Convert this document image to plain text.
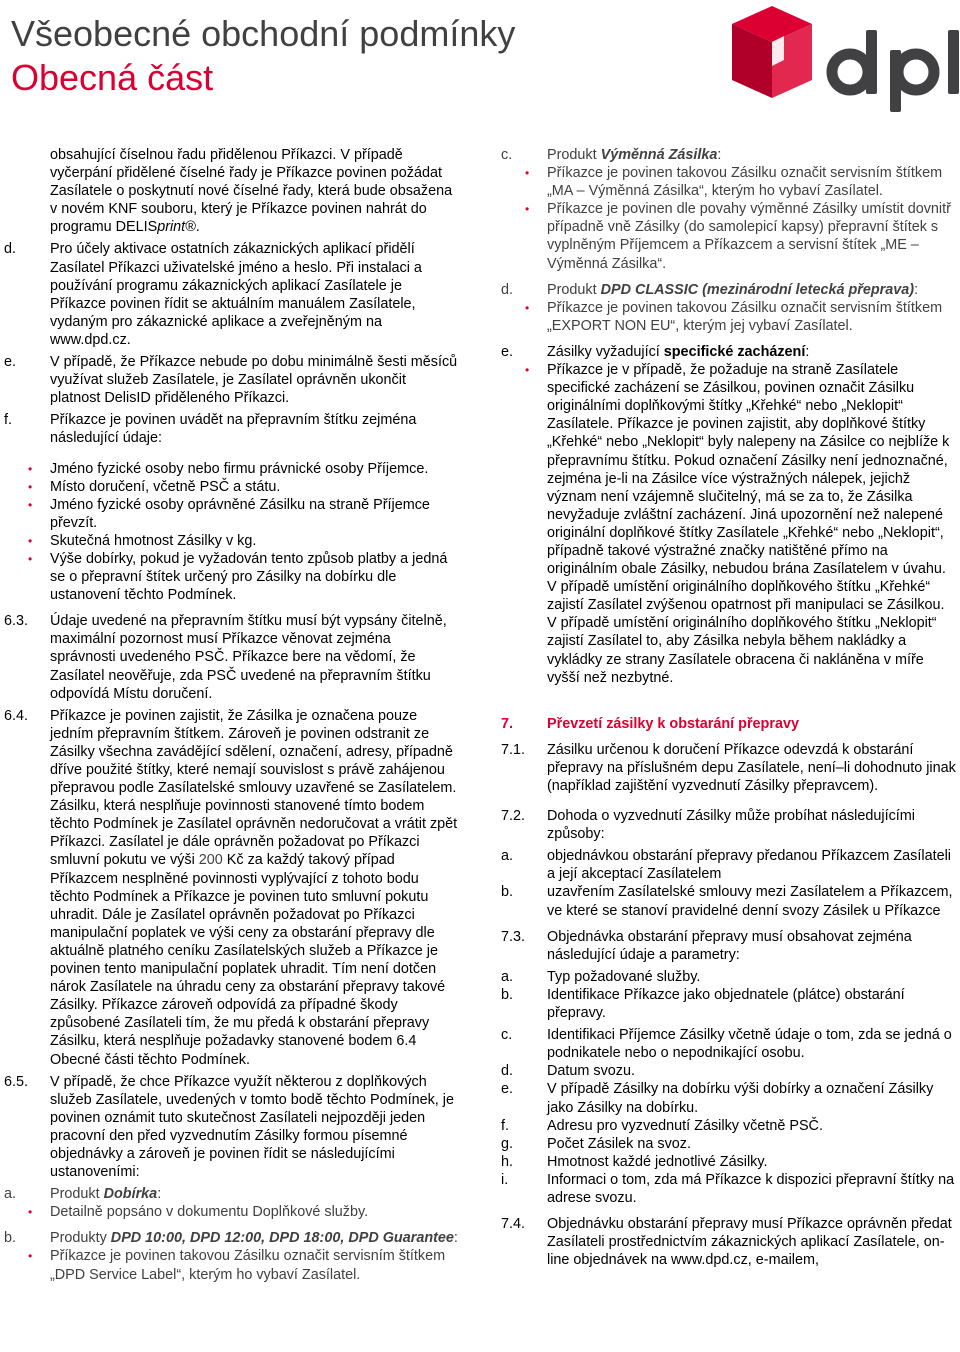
Všeobecné obchodní podmínky
Obecná část
obsahující číselnou řadu přidělenou Příkazci. V případě vyčerpání přidělené číselné řady je Příkazce povinen požádat Zasílatele o poskytnutí nové číselné řady, která bude obsažena v novém KNF souboru, který je Příkazce povinen nahrát do programu DELISprint®.
d. Pro účely aktivace ostatních zákaznických aplikací přidělí Zasílatel Příkazci uživatelské jméno a heslo. Při instalaci a používání programu zákaznických aplikací Zasílatele je Příkazce povinen řídit se aktuálním manuálem Zasílatele, vydaným pro zákaznické aplikace a zveřejněným na www.dpd.cz.
e. V případě, že Příkazce nebude po dobu minimálně šesti měsíců využívat služeb Zasílatele, je Zasílatel oprávněn ukončit platnost DelisID přiděleného Příkazci.
f.	Příkazce je povinen uvádět na přepravním štítku zejména následující údaje:
• Jméno fyzické osoby nebo firmu právnické osoby Příjemce.
• Místo doručení, včetně PSČ a státu.
• Jméno fyzické osoby oprávněné Zásilku na straně Příjemce převzít.
• Skutečná hmotnost Zásilky v kg.
• Výše dobírky, pokud je vyžadován tento způsob platby a jedná se o přepravní štítek určený pro Zásilky na dobírku dle ustanovení těchto Podmínek.
6.3. Údaje uvedené na přepravním štítku musí být vypsány čitelně, maximální pozornost musí Příkazce věnovat zejména správnosti uvedeného PSČ. Příkazce bere na vědomí, že Zasílatel neověřuje, zda PSČ uvedené na přepravním štítku odpovídá Místu doručení.
6.4. Příkazce je povinen zajistit, že Zásilka je označena pouze jedním přepravním štítkem. Zároveň je povinen odstranit ze Zásilky všechna zavádějící sdělení, označení, adresy, případně dříve použité štítky, které nemají souvislost s právě zahájenou přepravou podle Zasílatelské smlouvy uzavřené se Zasílatelem. Zásilku, která nesplňuje povinnosti stanovené tímto bodem těchto Podmínek je Zasílatel oprávněn nedoručovat a vrátit zpět Příkazci. Zasílatel je dále oprávněn požadovat po Příkazci smluvní pokutu ve výši 200 Kč za každý takový případ Příkazcem nesplněné povinnosti vyplývající z tohoto bodu těchto Podmínek a Příkazce je povinen tuto smluvní pokutu uhradit. Dále je Zasílatel oprávněn požadovat po Příkazci manipulační poplatek ve výši ceny za obstarání přepravy dle aktuálně platného ceníku Zasílatelských služeb a Příkazce je povinen tento manipulační poplatek uhradit. Tím není dotčen nárok Zasílatele na úhradu ceny za obstarání přepravy takové Zásilky. Příkazce zároveň odpovídá za případné škody způsobené Zasílateli tím, že mu předá k obstarání přepravy Zásilku, která nesplňuje požadavky stanovené bodem 6.4 Obecné části těchto Podmínek.
6.5. V případě, že chce Příkazce využít některou z doplňkových služeb Zasílatele, uvedených v tomto bodě těchto Podmínek, je povinen oznámit tuto skutečnost Zasílateli nejpozději jeden pracovní den před vyzvednutím Zásilky formou písemné objednávky a zároveň je povinen řídit se následujícími ustanoveními:
a. Produkt Dobírka:
• Detailně popsáno v dokumentu Doplňkové služby.
b. Produkty DPD 10:00, DPD 12:00, DPD 18:00, DPD Guarantee:
• Příkazce je povinen takovou Zásilku označit servisním štítkem „DPD Service Label“, kterým ho vybaví Zasílatel.
c. Produkt Výměnná Zásilka:
• Příkazce je povinen takovou Zásilku označit servisním štítkem „MA – Výměnná Zásilka“, kterým ho vybaví Zasílatel.
• Příkazce je povinen dle povahy výměnné Zásilky umístit dovnitř případně vně Zásilky (do samolepicí kapsy) přepravní štítek s vyplněným Příjemcem a Příkazcem a servisní štítek „ME – Výměnná Zásilka“.
d. Produkt DPD CLASSIC (mezinárodní letecká přeprava):
• Příkazce je povinen takovou Zásilku označit servisním štítkem „EXPORT NON EU“, kterým jej vybaví Zasílatel.
e. Zásilky vyžadující specifické zacházení:
• Příkazce je v případě, že požaduje na straně Zasílatele specifické zacházení se Zásilkou, povinen označit Zásilku originálními doplňkovými štítky „Křehké“ nebo „Neklopit“ Zasílatele. Příkazce je povinen zajistit, aby doplňkové štítky „Křehké“ nebo „Neklopit“ byly nalepeny na Zásilce co nejblíže k přepravnímu štítku. Pokud označení Zásilky není jednoznačné, zejména je-li na Zásilce více výstražných nálepek, jejichž význam není vzájemně slučitelný, má se za to, že Zásilka nevyžaduje zvláštní zacházení. Jiná upozornění než nalepené originální doplňkové štítky Zasílatele „Křehké“ nebo „Neklopit“, případně takové výstražné značky natištěné přímo na originálním obale Zásilky, nebudou brána Zasílatelem v úvahu. V případě umístění originálního doplňkového štítku „Křehké“ zajistí Zasílatel zvýšenou opatrnost při manipulaci se Zásilkou. V případě umístění originálního doplňkového štítku „Neklopit“ zajistí Zasílatel to, aby Zásilka nebyla během nakládky a vykládky ze strany Zasílatele obracena či nakláněna v míře vyšší než nezbytné.
7. Převzetí zásilky k obstarání přepravy
7.1. Zásilku určenou k doručení Příkazce odevzdá k obstarání přepravy na příslušném depu Zasílatele, není–li dohodnuto jinak (například zajištění vyzvednutí Zásilky přepravcem).
7.2. Dohoda o vyzvednutí Zásilky může probíhat následujícími způsoby:
a. objednávkou obstarání přepravy předanou Příkazcem Zasílateli a její akceptací Zasílatelem
b. uzavřením Zasílatelské smlouvy mezi Zasílatelem a Příkazcem, ve které se stanoví pravidelné denní svozy Zásilek u Příkazce
7.3. Objednávka obstarání přepravy musí obsahovat zejména následující údaje a parametry:
a. Typ požadované služby.
b. Identifikace Příkazce jako objednatele (plátce) obstarání přepravy.
c. Identifikaci Příjemce Zásilky včetně údaje o tom, zda se jedná o podnikatele nebo o nepodnikající osobu.
d. Datum svozu.
e. V případě Zásilky na dobírku výši dobírky a označení Zásilky jako Zásilky na dobírku.
f.	Adresu pro vyzvednutí Zásilky včetně PSČ.
g. Počet Zásilek na svoz.
h. Hmotnost každé jednotlivé Zásilky.
i.	Informaci o tom, zda má Příkazce k dispozici přepravní štítky na adrese svozu.
7.4. Objednávku obstarání přepravy musí Příkazce oprávněn předat Zasílateli prostřednictvím zákaznických aplikací Zasílatele, on-line objednávek na www.dpd.cz, e-mailem,
